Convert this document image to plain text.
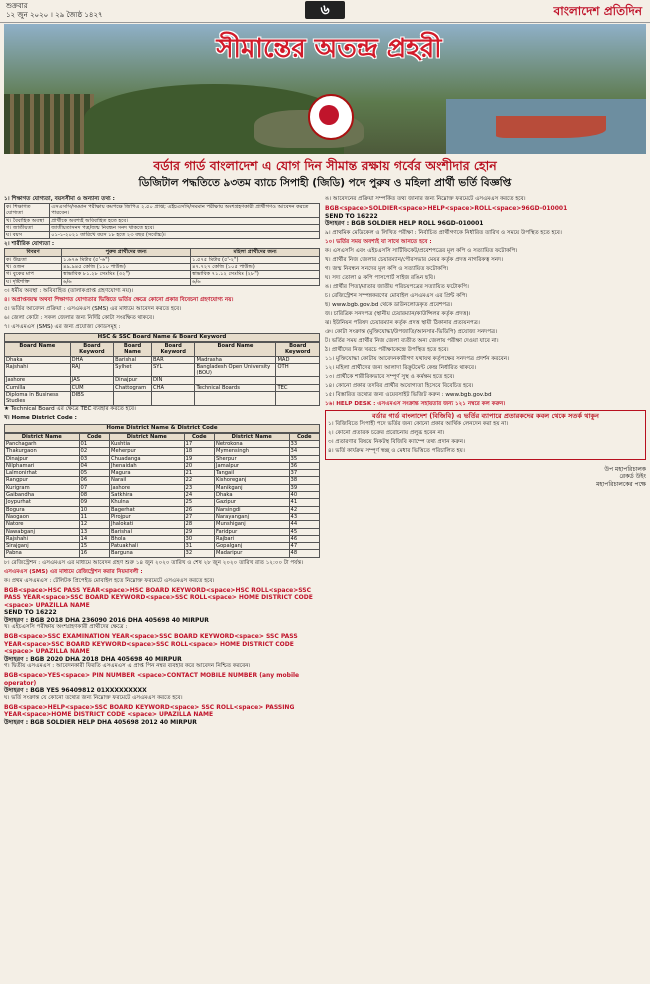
শুক্রবার
১২ জুন ২০২০ । ২৯ জ্যৈষ্ঠ ১৪২৭	৬	বাংলাদেশ প্রতিদিন
সীমান্তের অতন্দ্র প্রহরী
বর্ডার গার্ড বাংলাদেশ এ যোগ দিন সীমান্ত রক্ষায় গর্বের অংশীদার হোন
ডিজিটাল পদ্ধতিতে ৯৩তম ব্যাচে সিপাহী (জিডি) পদে পুরুষ ও মহিলা প্রার্থী ভর্তি বিজ্ঞপ্তি
১। শিক্ষাগত যোগ্যতা, বয়সসীমা ও অন্যান্য তথ্য :
ক। শিক্ষাগত যোগ্যতা	এসএসসি/সমমান পরীক্ষায় কমপক্ষে জিপিএ ২.৫০ প্রাপ্ত; এইচএসসি/সমমান পরীক্ষায় অংশগ্রহণকারী প্রার্থীগণও আবেদন করতে পারবেন।
খ। বৈবাহিক অবস্থা	প্রার্থীকে অবশ্যই অবিবাহিত হতে হবে।
গ। জাতীয়তা	জাতীয়তাসনদ পত্র/জন্ম নিবন্ধন সনদ থাকতে হবে।
ঘ। বয়স	০১-১-২০২১ তারিখে বয়স ১৮ হতে ২৩ বছর (সর্বোচ্চ)।
২। শারীরিক যোগ্যতা :
বিবরণ	পুরুষ প্রার্থীদের জন্য	মহিলা প্রার্থীদের জন্য
ক। উচ্চতা	১.৬৭৬ মিটার (৫'-৬")	১.৫৭৫ মিটার (৫'-২")
খ। ওজন	৪৯.৯৪৫ কেজি (১১০ পাউন্ড)	৪৭.৭২৭ কেজি (১০৫ পাউন্ড)
গ। বুকের মাপ	স্বাভাবিক ৮১.২৮ সেঃমিঃ (৩২")	স্বাভাবিক ৭১.১২ সেঃমিঃ (২৮")
ঘ। দৃষ্টিশক্তি	৬/৬	৬/৬
৩। ধর্মীয় অবস্থা : অবিবাহিত (তালাকপ্রাপ্ত গ্রহণযোগ্য নয়)।
৪। অপ্রাপ্তবয়স্ক অথবা শিক্ষাগত যোগ্যতার ভিত্তিতে ভর্তির ক্ষেত্রে কোনো প্রকার বিবেচনা গ্রহণযোগ্য নয়।
৫। ভর্তির আবেদন প্রক্রিয়া : এসএমএস (SMS) এর মাধ্যমে আবেদন করতে হবে।
৬। জেলা কোটা : সকল জেলার জন্য নির্দিষ্ট কোটা সংরক্ষিত থাকবে।
৭। এসএমএস (SMS) এর জন্য প্রযোজ্য কোডসমূহ :
HSC & SSC Board Name & Board Keyword
Board Name	Board Keyword	Board Name	Board Keyword	Board Name	Board Keyword
Dhaka	DHA	Barishal	BAR	Madrasha	MAD
Rajshahi	RAJ	Sylhet	SYL	Bangladesh Open University (BOU)	OTH
Jashore	JAS	Dinajpur	DIN		
Cumilla	CUM	Chattogram	CHA	Technical Boards	TEC
Diploma in Business Studies	DIBS				
★ Technical Board এর ক্ষেত্রে TEC ব্যবহার করতে হবে।
খ। Home District Code :
Home District Name & District Code
District Name	Code	District Name	Code	District Name	Code
Panchagarh	01	Kushtia	17	Netrokona	33
Thakurgaon	02	Meherpur	18	Mymensingh	34
Dinajpur	03	Chuadanga	19	Sherpur	35
Nilphamari	04	Jhenaidah	20	Jamalpur	36
Lalmonirhat	05	Magura	21	Tangail	37
Rangpur	06	Narail	22	Kishoreganj	38
Kurigram	07	Jashore	23	Manikganj	39
Gaibandha	08	Satkhira	24	Dhaka	40
Joypurhat	09	Khulna	25	Gazipur	41
Bogura	10	Bagerhat	26	Narsingdi	42
Naogaon	11	Pirojpur	27	Narayanganj	43
Natore	12	Jhalokati	28	Munshiganj	44
Nawabganj	13	Barishal	29	Faridpur	45
Rajshahi	14	Bhola	30	Rajbari	46
Sirajganj	15	Patuakhali	31	Gopalganj	47
Pabna	16	Barguna	32	Madaripur	48
৮। রেজিস্ট্রেশন : এসএমএস এর মাধ্যমে আবেদন গ্রহণ শুরু ১৪ জুন ২০২০ তারিখ ও শেষ ২৮ জুন ২০২০ তারিখ রাত ১২:০০ টা পর্যন্ত।
এসএমএস (SMS) এর মাধ্যমে রেজিস্ট্রেশন করার নিয়মাবলী :
ক। প্রথম এসএমএস : টেলিটক প্রিপেইড মোবাইল হতে নিম্নোক্ত ফরমেটে এসএমএস করতে হবে।
BGB<space>HSC PASS YEAR<space>HSC BOARD KEYWORD<space>HSC ROLL<space>SSC PASS YEAR<space>SSC BOARD KEYWORD<space>SSC ROLL<space> HOME DISTRICT CODE <space> UPAZILLA NAME
SEND TO 16222
উদাহরণ : BGB 2018 DHA 236090 2016 DHA 405698 40 MIRPUR
খ। এইচএসসি পরীক্ষায় অংশগ্রহণকারী প্রার্থীদের ক্ষেত্রে :
BGB<space>SSC EXAMINATION YEAR<space>SSC BOARD KEYWORD<space> SSC PASS YEAR<space>SSC BOARD KEYWORD<space>SSC ROLL<space> HOME DISTRICT CODE <space> UPAZILLA NAME
উদাহরণ : BGB 2020 DHA 2018 DHA 405698 40 MIRPUR
গ। দ্বিতীয় এসএমএস : আবেদনকারী ফিরতি এসএমএস এ প্রাপ্ত পিন নম্বর ব্যবহার করে আবেদন নিশ্চিত করবেন।
BGB<space>YES<space> PIN NUMBER <space>CONTACT MOBILE NUMBER (any mobile operator)
উদাহরণ : BGB YES 96409812 01XXXXXXXXX
ঘ। ভর্তি সংক্রান্ত যে কোনো তথ্যের জন্য নিম্নোক্ত ফরমেটে এসএমএস করতে হবে।
BGB<space>HELP<space>SSC BOARD KEYWORD<space> SSC ROLL<space> PASSING YEAR<space>HOME DISTRICT CODE <space> UPAZILLA NAME
উদাহরণ : BGB SOLDIER HELP DHA 405698 2012 40 MIRPUR
ঙ। আবেদনের প্রক্রিয়া সম্পর্কিত তথ্য জানার জন্য নিম্নোক্ত ফরমেটে এসএমএস করতে হবে।
BGB<space>SOLDIER<space>HELP<space>ROLL<space>96GD-010001
SEND TO 16222
উদাহরণ : BGB SOLDIER HELP ROLL 96GD-010001
৯। প্রাথমিক মেডিকেল ও লিখিত পরীক্ষা : নির্বাচিত প্রার্থীগণকে নির্ধারিত তারিখ ও সময়ে উপস্থিত হতে হবে।
১০। ভর্তির সময় অবশ্যই যা সাথে আনতে হবে :
ক। এসএসসি এবং এইচএসসি সার্টিফিকেট/প্রবেশপত্রের মূল কপি ও সত্যায়িত ফটোকপি।
খ। প্রার্থীর নিজ জেলার চেয়ারম্যান/পৌরসভার মেয়র কর্তৃক প্রদত্ত নাগরিকত্ব সনদ।
গ। জন্ম নিবন্ধন সনদের মূল কপি ও সত্যায়িত ফটোকপি।
ঘ। সদ্য তোলা ৪ কপি পাসপোর্ট সাইজ রঙিন ছবি।
ঙ। প্রার্থীর পিতা/মাতার জাতীয় পরিচয়পত্রের সত্যায়িত ফটোকপি।
চ। রেজিস্ট্রেশন সম্পন্নকরণের মোবাইল এসএমএস এর প্রিন্ট কপি।
ছ। www.bgb.gov.bd থেকে ডাউনলোডকৃত প্রবেশপত্র।
জ। চারিত্রিক সনদপত্র (স্থানীয় চেয়ারম্যান/কাউন্সিলর কর্তৃক প্রদত্ত)।
ঝ। ইউনিয়ন পরিষদ চেয়ারম্যান কর্তৃক প্রদত্ত স্থায়ী ঠিকানার প্রত্যয়নপত্র।
ঞ। কোটা সংক্রান্ত (মুক্তিযোদ্ধা/উপজাতি/আনসার-ভিডিপি) প্রযোজ্য সনদপত্র।
ট। ভর্তির সময় প্রার্থীর নিজ জেলা ব্যতীত অন্য জেলায় পরীক্ষা দেওয়া যাবে না।
ঠ। প্রার্থীদের নিজ খরচে পরীক্ষাকেন্দ্রে উপস্থিত হতে হবে।
১১। মুক্তিযোদ্ধা কোটায় আবেদনকারীগণ যথাযথ কর্তৃপক্ষের সনদপত্র প্রদর্শন করবেন।
১২। মহিলা প্রার্থীদের জন্য আলাদা রিক্রুটমেন্ট কেন্দ্র নির্ধারিত থাকবে।
১৩। প্রার্থীকে শারীরিকভাবে সম্পূর্ণ সুস্থ ও কর্মক্ষম হতে হবে।
১৪। কোনো প্রকার তদবির প্রার্থীর অযোগ্যতা হিসেবে বিবেচিত হবে।
১৫। বিস্তারিত তথ্যের জন্য ওয়েবসাইট ভিজিট করুন : www.bgb.gov.bd
১৬। HELP DESK : এসএমএস সংক্রান্ত সহায়তার জন্য ১২১ নম্বরে কল করুন।
বর্ডার গার্ড বাংলাদেশ (বিজিবি) এ ভর্তির ব্যাপারে প্রতারকদের কবল থেকে সতর্ক থাকুন
১। বিজিবিতে সিপাহী পদে ভর্তির জন্য কোনো প্রকার আর্থিক লেনদেন করা হয় না।
২। কোনো প্রতারক চক্রের প্ররোচনায় প্রলুব্ধ হবেন না।
৩। প্রতারণার বিষয়ে নিকটস্থ বিজিবি ক্যাম্পে তথ্য প্রদান করুন।
৪। ভর্তি কার্যক্রম সম্পূর্ণ স্বচ্ছ ও মেধার ভিত্তিতে পরিচালিত হয়।
উপ মহাপরিচালক
রেকর্ড উইং
মহাপরিচালকের পক্ষে
